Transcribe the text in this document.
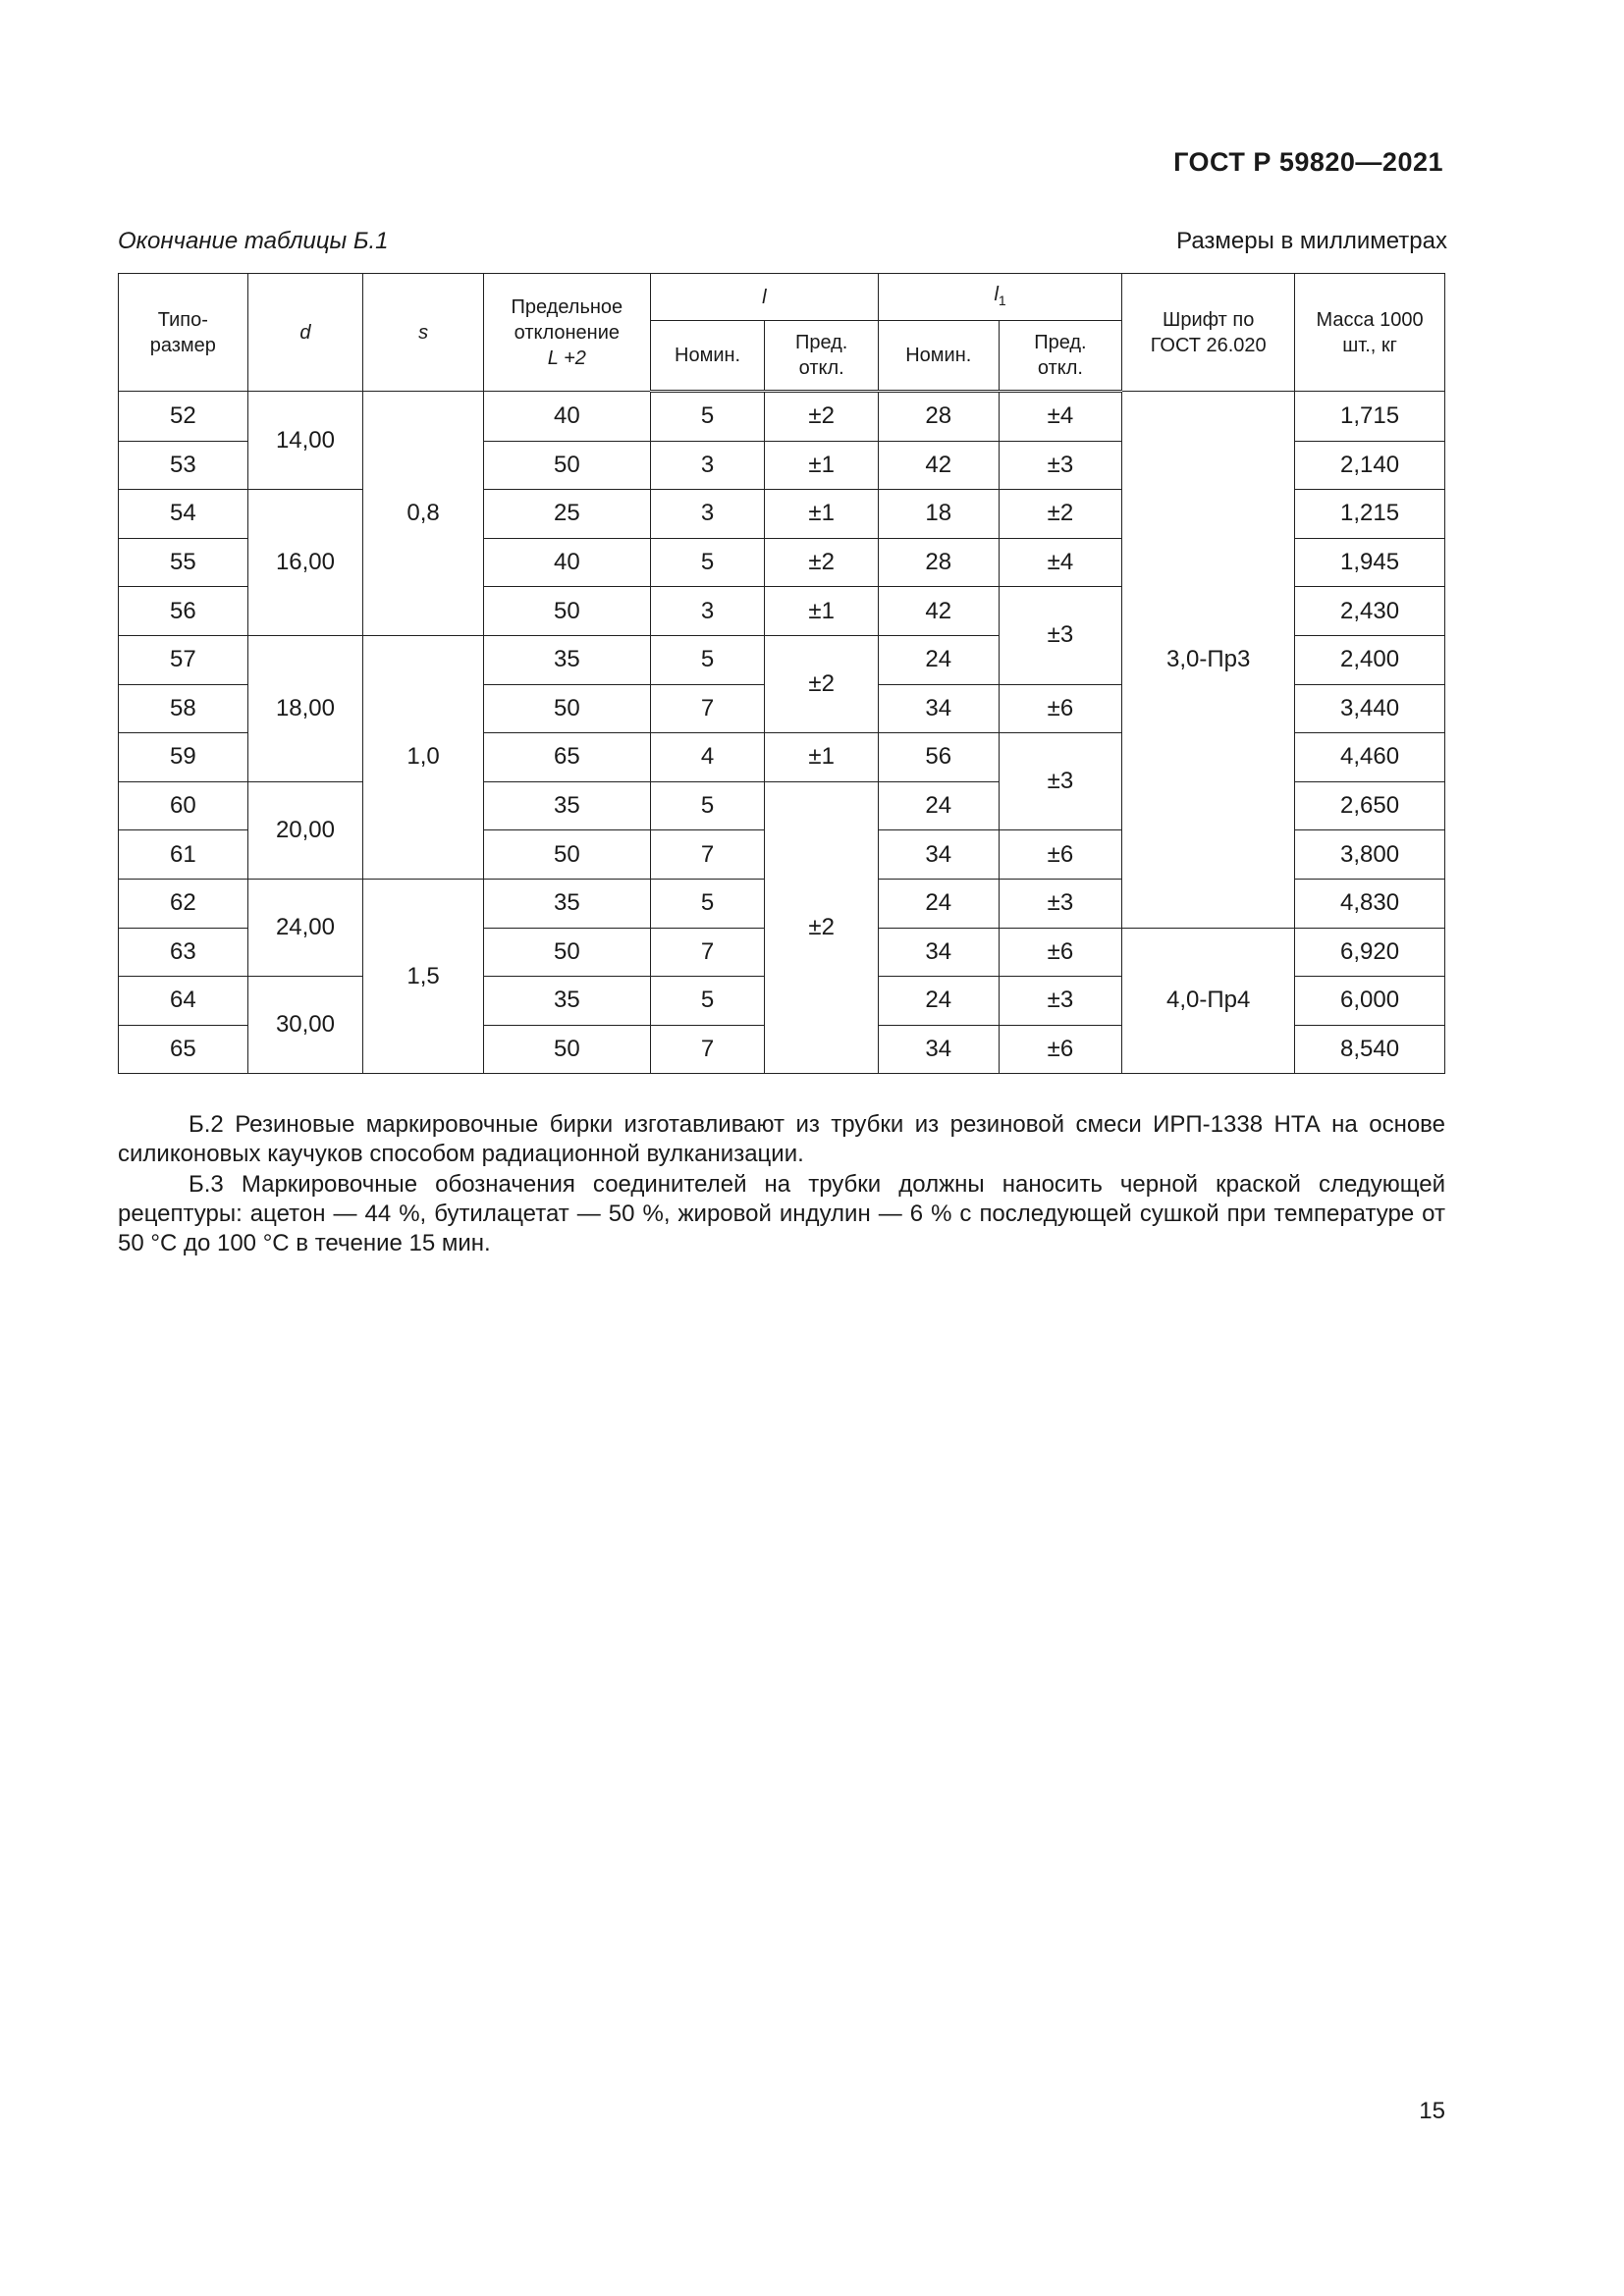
ГОСТ Р 59820—2021
Окончание таблицы Б.1	Размеры в миллиметрах
Типо-размер	d	s	Предельное
отклонение
L +2	l		$l_1$		Шрифт по ГОСТ 26.020	Масса 1000 шт., кг
				Номин.	Пред. откл.	Номин.	Пред. откл.		
52	14,00	0,8	40	5	±2	28	±4	3,0-Пр3	1,715
53			50	3	±1	42	±3		2,140
54	16,00		25	3	±1	18	±2		1,215
55			40	5	±2	28	±4		1,945
56			50	3	±1	42	±3		2,430
57	18,00	1,0	35	5	±2	24			2,400
58			50	7		34	±6		3,440
59			65	4	±1	56	±3		4,460
60	20,00		35	5	±2	24			2,650
61			50	7		34	±6		3,800
62	24,00	1,5	35	5		24	±3		4,830
63			50	7		34	±6	4,0-Пр4	6,920
64	30,00		35	5		24	±3		6,000
65			50	7		34	±6		8,540

Б.2 Резиновые маркировочные бирки изготавливают из трубки из резиновой смеси ИРП-1338 НТА на основе силиконовых каучуков способом радиационной вулканизации.

Б.3 Маркировочные обозначения соединителей на трубки должны наносить черной краской следующей рецептуры: ацетон — 44 %, бутилацетат — 50 %, жировой индулин — 6 % с последующей сушкой при температуре от 50 °С до 100 °С в течение 15 мин.

15
